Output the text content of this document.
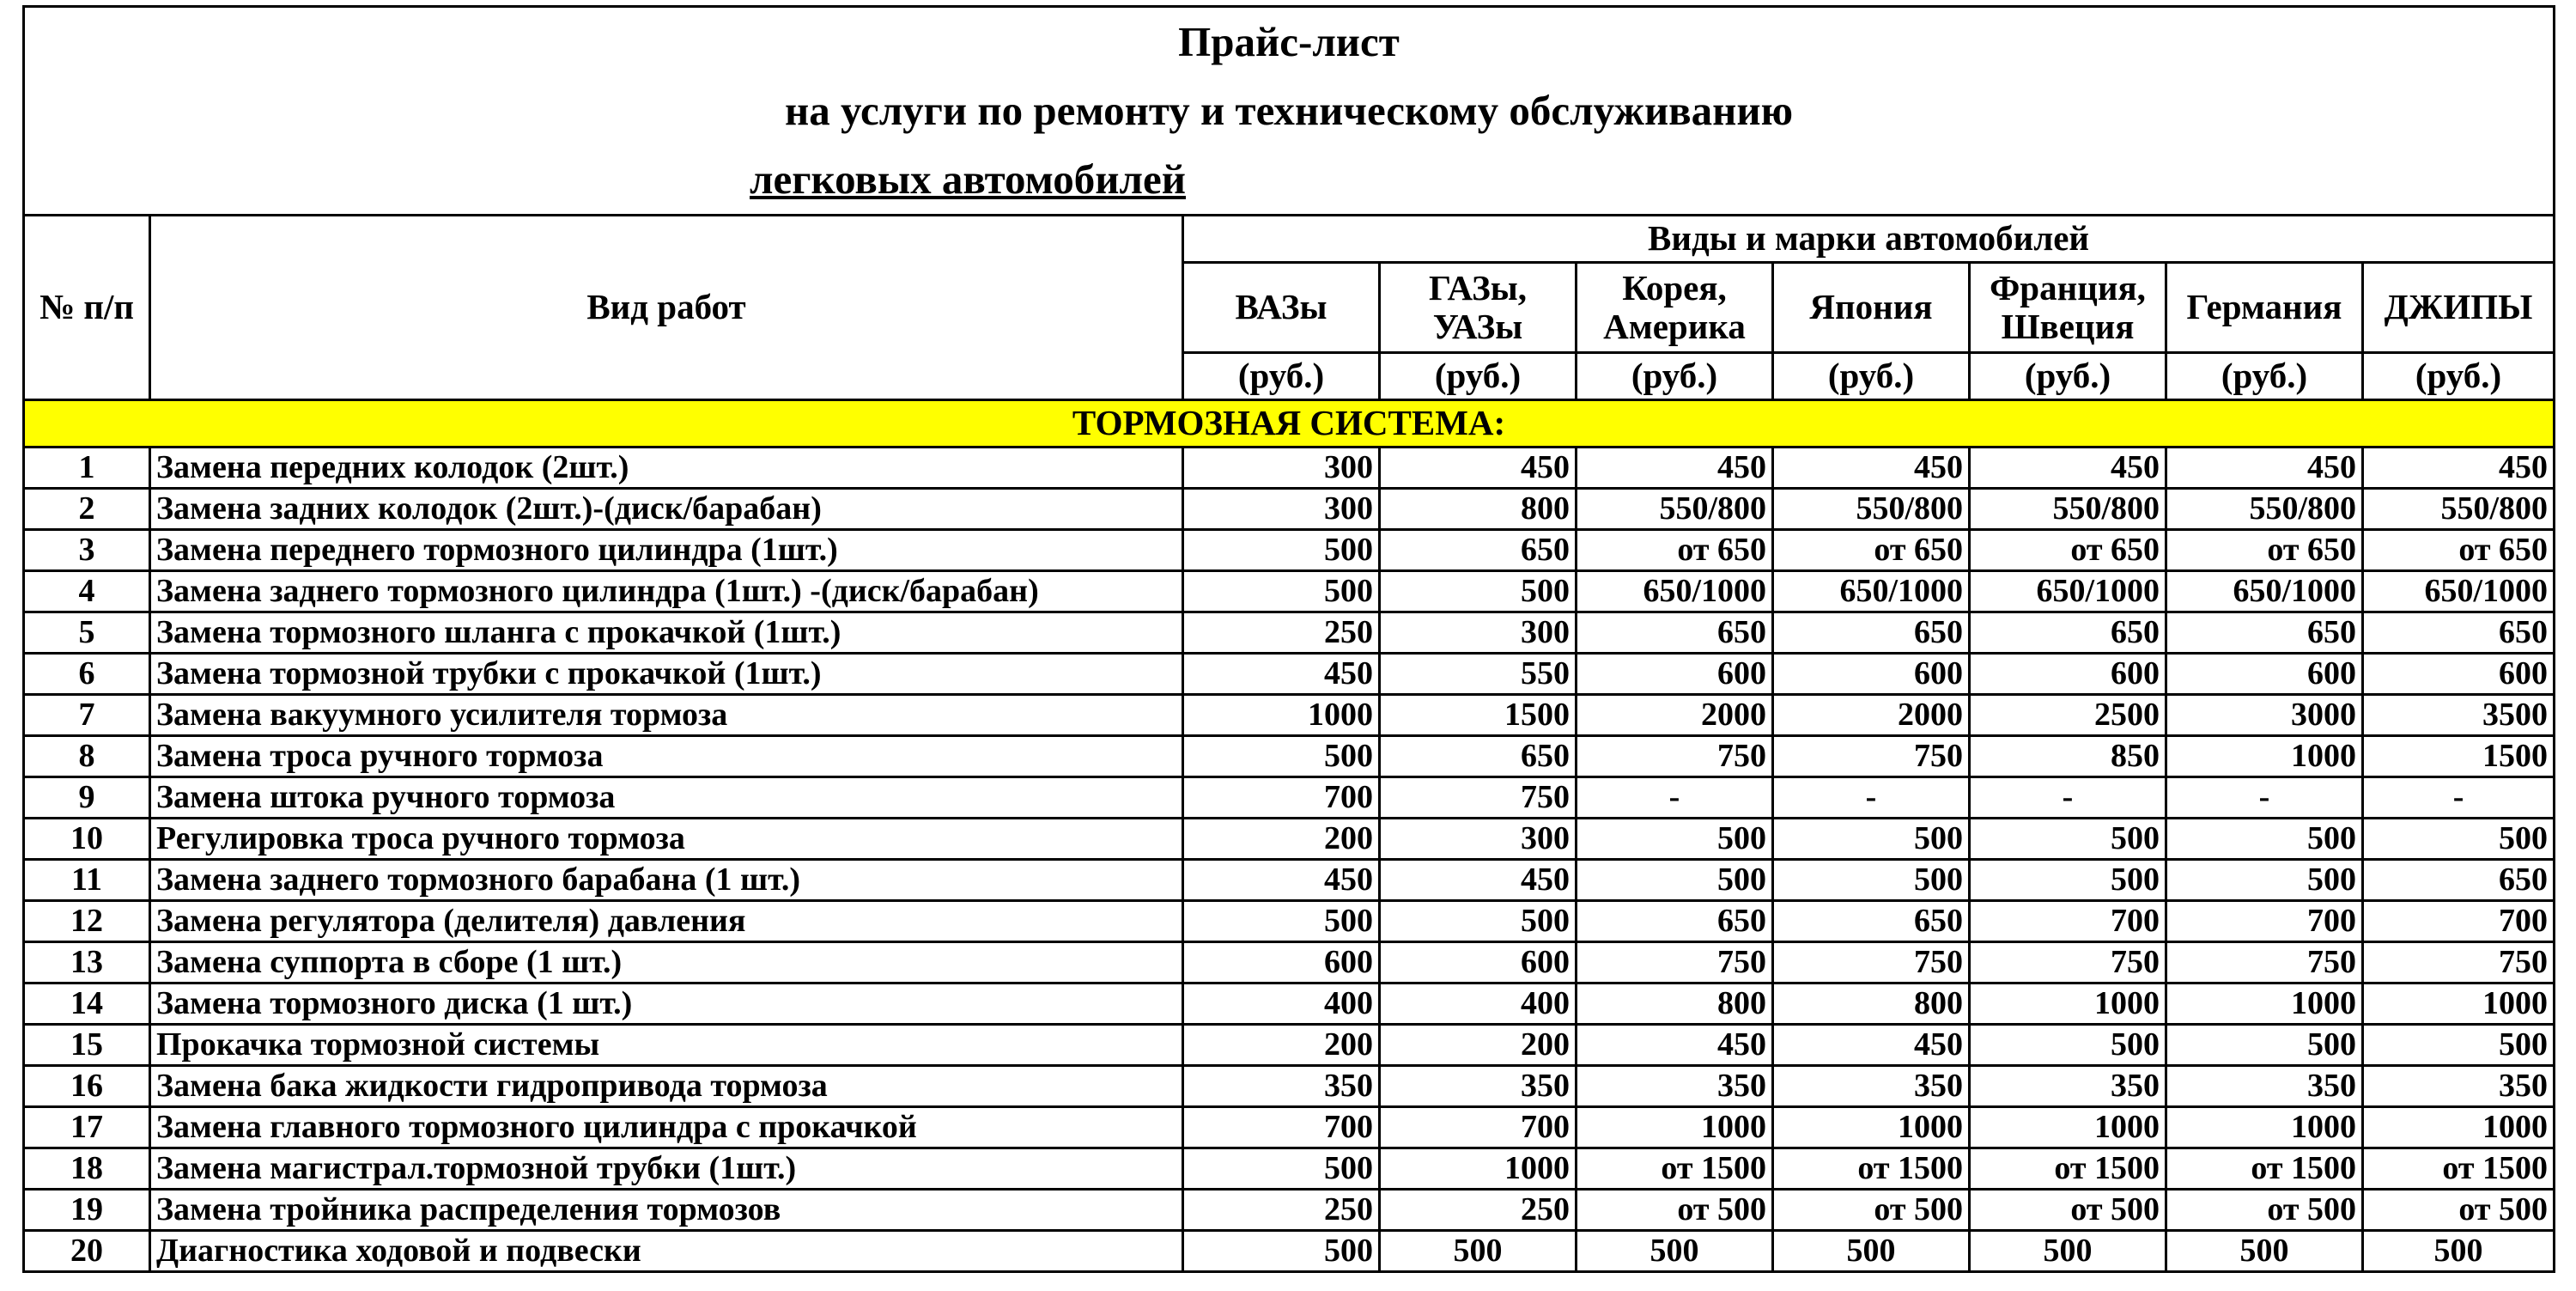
Прайс-лист
на услуги по ремонту и техническому обслуживанию
легковых автомобилей								

№ п/п	Вид работ	Виды и марки автомобилей						
		ВАЗы	ГАЗы, УАЗы	Корея, Америка	Япония	Франция, Швеция	Германия	ДЖИПЫ
		(руб.)	(руб.)	(руб.)	(руб.)	(руб.)	(руб.)	(руб.)
ТОРМОЗНАЯ СИСТЕМА:								
1	Замена передних колодок (2шт.)	300	450	450	450	450	450	450
2	Замена задних колодок (2шт.)-(диск/барабан)	300	800	550/800	550/800	550/800	550/800	550/800
3	Замена переднего тормозного цилиндра (1шт.)	500	650	от 650	от 650	от 650	от 650	от 650
4	Замена заднего тормозного цилиндра (1шт.) -(диск/барабан)	500	500	650/1000	650/1000	650/1000	650/1000	650/1000
5	Замена тормозного шланга с прокачкой (1шт.)	250	300	650	650	650	650	650
6	Замена тормозной трубки с прокачкой (1шт.)	450	550	600	600	600	600	600
7	Замена вакуумного усилителя тормоза	1000	1500	2000	2000	2500	3000	3500
8	Замена троса ручного тормоза	500	650	750	750	850	1000	1500
9	Замена штока ручного тормоза	700	750	-	-	-	-	-
10	Регулировка троса ручного тормоза	200	300	500	500	500	500	500
11	Замена заднего тормозного барабана (1 шт.)	450	450	500	500	500	500	650
12	Замена регулятора (делителя) давления	500	500	650	650	700	700	700
13	Замена суппорта в сборе (1 шт.)	600	600	750	750	750	750	750
14	Замена тормозного диска (1 шт.)	400	400	800	800	1000	1000	1000
15	Прокачка тормозной системы	200	200	450	450	500	500	500
16	Замена бака жидкости гидропривода тормоза	350	350	350	350	350	350	350
17	Замена главного тормозного цилиндра с прокачкой	700	700	1000	1000	1000	1000	1000
18	Замена магистрал.тормозной трубки (1шт.)	500	1000	от 1500	от 1500	от 1500	от 1500	от 1500
19	Замена тройника распределения тормозов	250	250	от 500	от 500	от 500	от 500	от 500
20	Диагностика ходовой и подвески	500	500	500	500	500	500	500
